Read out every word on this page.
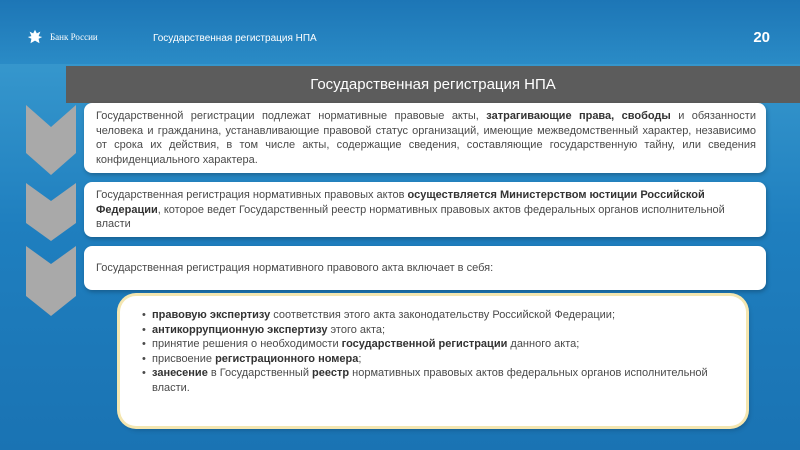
Банк России	Государственная регистрация НПА	20
Государственная регистрация НПА
Государственной регистрации подлежат нормативные правовые акты, затрагивающие права, свободы и обязанности человека и гражданина, устанавливающие правовой статус организаций, имеющие межведомственный характер, независимо от срока их действия, в том числе акты, содержащие сведения, составляющие государственную тайну, или сведения конфиденциального характера.
Государственная регистрация нормативных правовых актов осуществляется Министерством юстиции Российской Федерации, которое ведет Государственный реестр нормативных правовых актов федеральных органов исполнительной власти
Государственная регистрация нормативного правового акта включает в себя:
• правовую экспертизу соответствия этого акта законодательству Российской Федерации;
• антикоррупционную экспертизу этого акта;
• принятие решения о необходимости государственной регистрации данного акта;
• присвоение регистрационного номера;
• занесение в Государственный реестр нормативных правовых актов федеральных органов исполнительной власти.
